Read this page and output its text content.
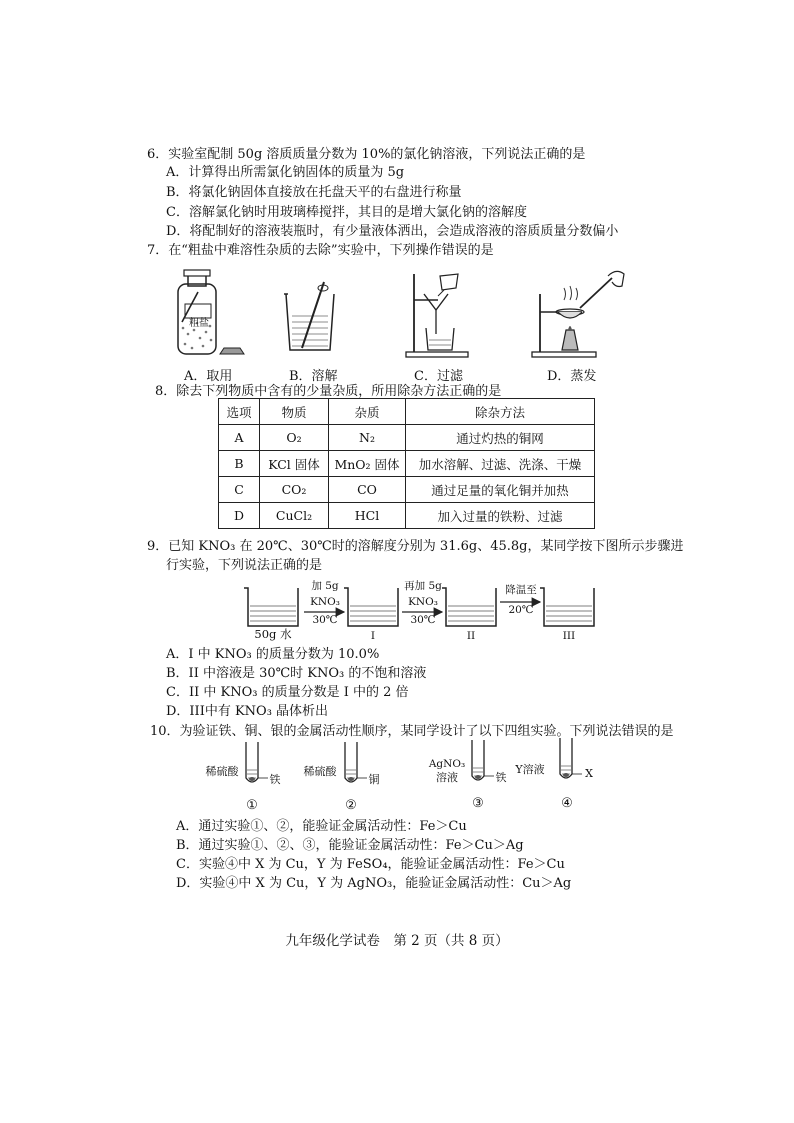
6．实验室配制 50g 溶质质量分数为 10%的氯化钠溶液，下列说法正确的是
A．计算得出所需氯化钠固体的质量为 5g
B．将氯化钠固体直接放在托盘天平的右盘进行称量
C．溶解氯化钠时用玻璃棒搅拌，其目的是增大氯化钠的溶解度
D．将配制好的溶液装瓶时，有少量液体洒出，会造成溶液的溶质质量分数偏小
7．在“粗盐中难溶性杂质的去除”实验中，下列操作错误的是
粗盐
A．取用	B．溶解	C．过滤	D．蒸发
8．除去下列物质中含有的少量杂质，所用除杂方法正确的是
选项	物质	杂质	除杂方法
A	O₂	N₂	通过灼热的铜网
B	KCl 固体	MnO₂ 固体	加水溶解、过滤、洗涤、干燥
C	CO₂	CO	通过足量的氧化铜并加热
D	CuCl₂	HCl	加入过量的铁粉、过滤
9．已知 KNO₃ 在 20℃、30℃时的溶解度分别为 31.6g、45.8g，某同学按下图所示步骤进
行实验，下列说法正确的是
加 5g
KNO₃
30℃
再加 5g
KNO₃
30℃
降温至
20℃
50g 水	I	II	III
A．I 中 KNO₃ 的质量分数为 10.0%
B．II 中溶液是 30℃时 KNO₃ 的不饱和溶液
C．II 中 KNO₃ 的质量分数是 I 中的 2 倍
D．III中有 KNO₃ 晶体析出
10．为验证铁、铜、银的金属活动性顺序，某同学设计了以下四组实验。下列说法错误的是
稀硫酸
铁
①
稀硫酸
铜
②
AgNO₃
溶液	铁
③
Y溶液	X
④
A．通过实验①、②，能验证金属活动性：Fe＞Cu
B．通过实验①、②、③，能验证金属活动性：Fe＞Cu＞Ag
C．实验④中 X 为 Cu，Y 为 FeSO₄，能验证金属活动性：Fe＞Cu
D．实验④中 X 为 Cu，Y 为 AgNO₃，能验证金属活动性：Cu＞Ag
九年级化学试卷　第 2 页（共 8 页）
